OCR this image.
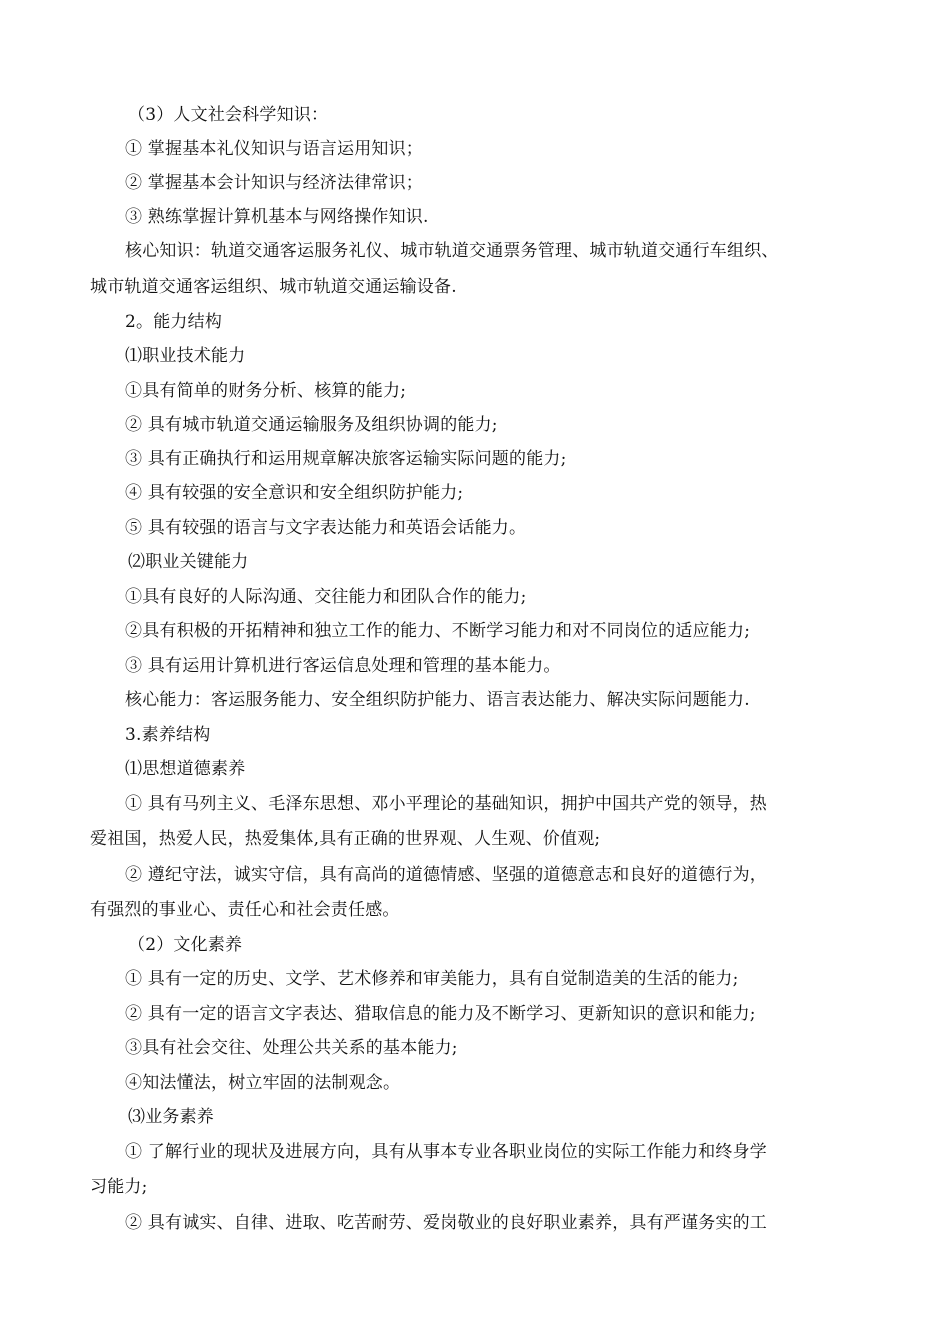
（3）人文社会科学知识：
① 掌握基本礼仪知识与语言运用知识；
② 掌握基本会计知识与经济法律常识；
③ 熟练掌握计算机基本与网络操作知识.
核心知识：轨道交通客运服务礼仪、城市轨道交通票务管理、城市轨道交通行车组织、
城市轨道交通客运组织、城市轨道交通运输设备.
2。能力结构
⑴职业技术能力
①具有简单的财务分析、核算的能力;
② 具有城市轨道交通运输服务及组织协调的能力;
③ 具有正确执行和运用规章解决旅客运输实际问题的能力;
④ 具有较强的安全意识和安全组织防护能力;
⑤ 具有较强的语言与文字表达能力和英语会话能力。
⑵职业关键能力
①具有良好的人际沟通、交往能力和团队合作的能力;
②具有积极的开拓精神和独立工作的能力、不断学习能力和对不同岗位的适应能力;
③ 具有运用计算机进行客运信息处理和管理的基本能力。
核心能力：客运服务能力、安全组织防护能力、语言表达能力、解决实际问题能力.
3.素养结构
⑴思想道德素养
① 具有马列主义、毛泽东思想、邓小平理论的基础知识，拥护中国共产党的领导，热
爱祖国，热爱人民，热爱集体,具有正确的世界观、人生观、价值观;
② 遵纪守法，诚实守信，具有高尚的道德情感、坚强的道德意志和良好的道德行为，
有强烈的事业心、责任心和社会责任感。
（2）文化素养
① 具有一定的历史、文学、艺术修养和审美能力，具有自觉制造美的生活的能力;
② 具有一定的语言文字表达、猎取信息的能力及不断学习、更新知识的意识和能力;
③具有社会交往、处理公共关系的基本能力;
④知法懂法，树立牢固的法制观念。
⑶业务素养
① 了解行业的现状及进展方向，具有从事本专业各职业岗位的实际工作能力和终身学
习能力;
② 具有诚实、自律、进取、吃苦耐劳、爱岗敬业的良好职业素养，具有严谨务实的工
